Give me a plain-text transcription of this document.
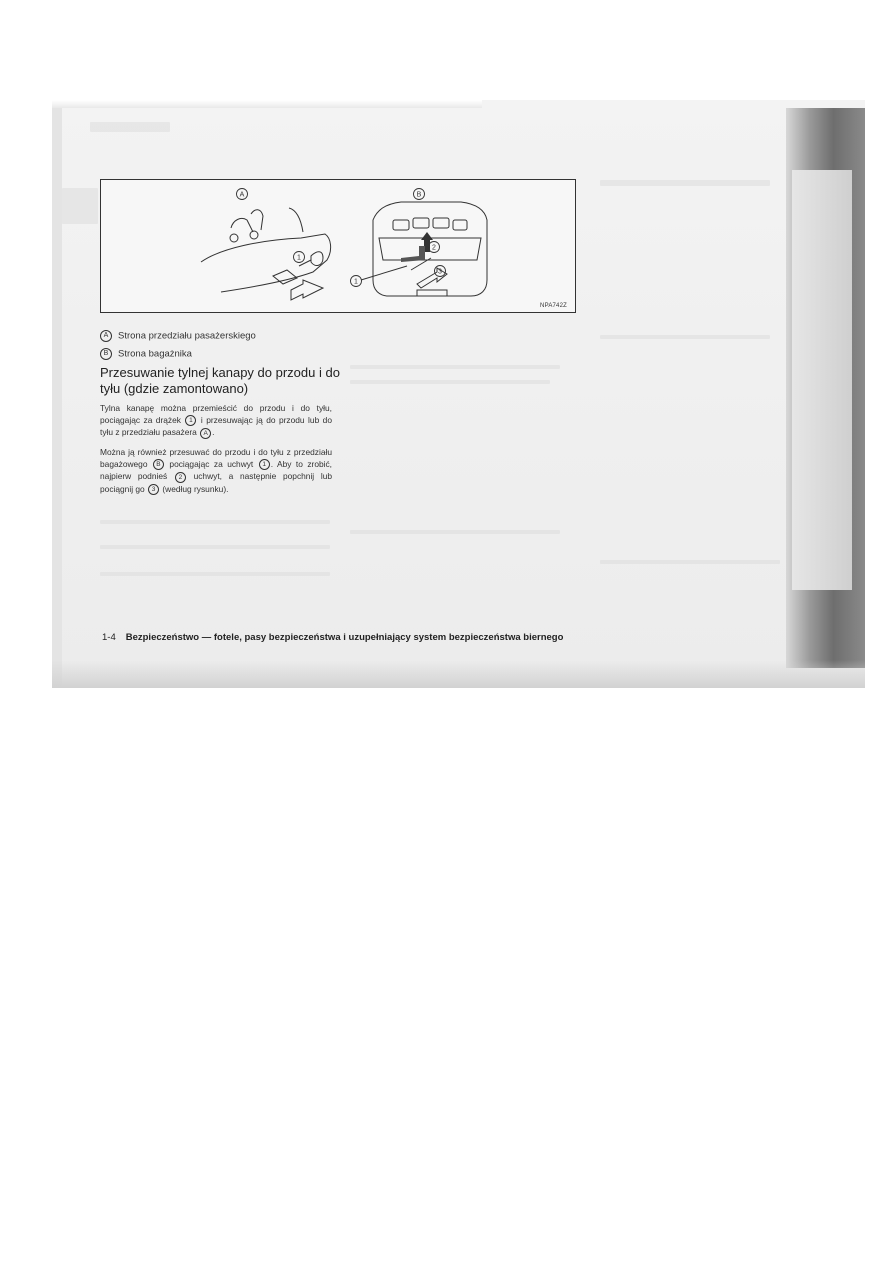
A	B
1
2
3
1
NPA742Z
A Strona przedziału pasażerskiego
B Strona bagażnika
Przesuwanie tylnej kanapy do przodu i do tyłu (gdzie zamontowano)
Tylna kanapę można przemieścić do przodu i do tyłu, pociągając za drążek 1 i przesuwając ją do przodu lub do tyłu z przedziału pasażera A .
Można ją również przesuwać do przodu i do tyłu z przedziału bagażowego B pociągając za uchwyt 1 . Aby to zrobić, najpierw podnieś 2 uchwyt, a następnie popchnij lub pociągnij go 3 (według rysunku).
1-4 Bezpieczeństwo — fotele, pasy bezpieczeństwa i uzupełniający system bezpieczeństwa biernego
